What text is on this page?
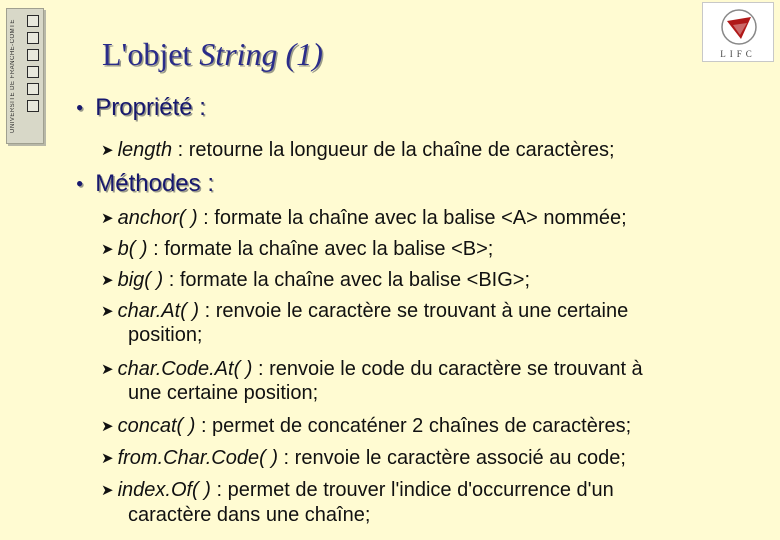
UNIVERSITE DE FRANCHE-COMTE	LIFC
L'objet String (1)
● Propriété :
➤ length : retourne la longueur de la chaîne de caractères;
● Méthodes :
➤ anchor( ) : formate la chaîne avec la balise <A> nommée;
➤ b( ) : formate la chaîne avec la balise <B>;
➤ big( ) : formate la chaîne avec la balise <BIG>;
➤ char.At( ) : renvoie le caractère se trouvant à une certaine
position;
➤ char.Code.At( ) : renvoie le code du caractère se trouvant à
une certaine position;
➤ concat( ) : permet de concaténer 2 chaînes de caractères;
➤ from.Char.Code( ) : renvoie le caractère associé au code;
➤ index.Of( ) : permet de trouver l'indice d'occurrence d'un
caractère dans une chaîne;
